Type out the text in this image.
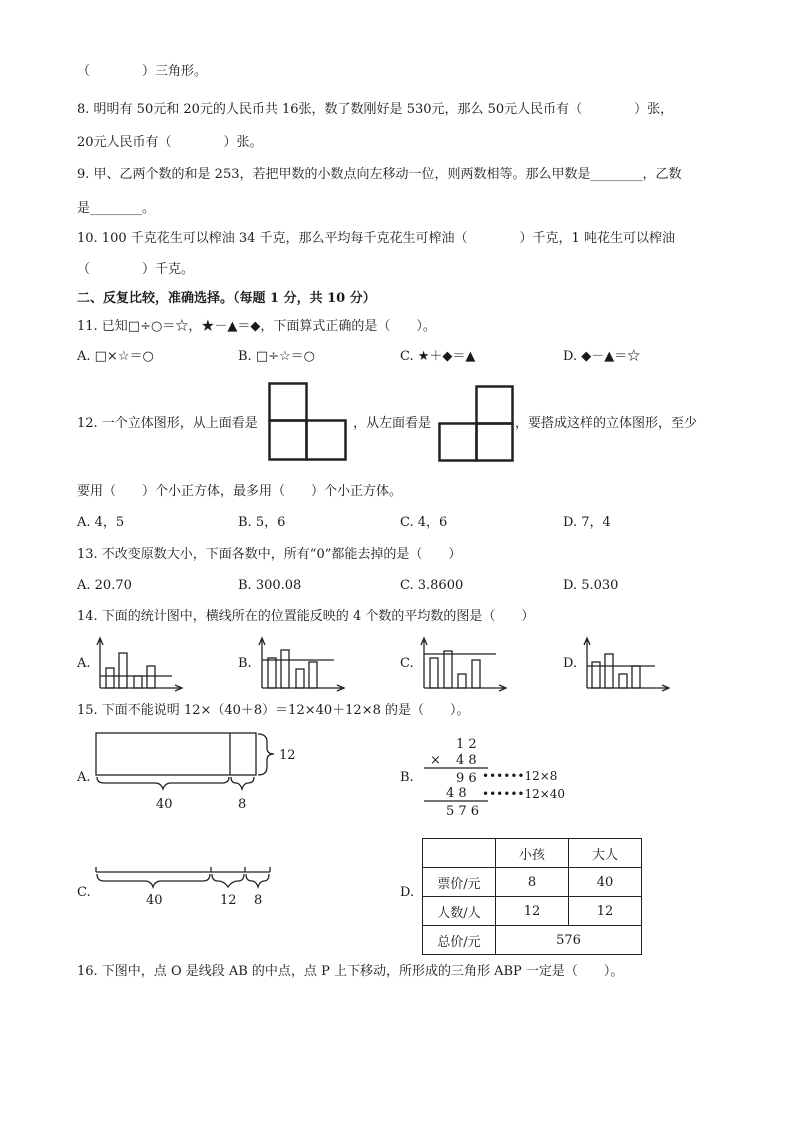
（　　　　）三角形。
8. 明明有 50元和 20元的人民币共 16张，数了数刚好是 530元，那么 50元人民币有（　　　　）张，
20元人民币有（　　　　）张。
9. 甲、乙两个数的和是 253，若把甲数的小数点向左移动一位，则两数相等。那么甲数是________，乙数
是________。
10. 100 千克花生可以榨油 34 千克，那么平均每千克花生可榨油（　　　　）千克，1 吨花生可以榨油
（　　　　）千克。
二、反复比较，准确选择。（每题 1 分，共 10 分）
11. 已知□÷○＝☆，★－▲＝◆，下面算式正确的是（　　）。
A. □×☆＝○	B. □÷☆＝○	C. ★＋◆＝▲	D. ◆－▲＝☆
12. 一个立体图形，从上面看是	，从左面看是	，要搭成这样的立体图形，至少
要用（　　）个小正方体，最多用（　　）个小正方体。
A. 4，5	B. 5，6	C. 4，6	D. 7，4
13. 不改变原数大小，下面各数中，所有“0”都能去掉的是（　　）
A. 20.70	B. 300.08	C. 3.8600	D. 5.030
14. 下面的统计图中，横线所在的位置能反映的 4 个数的平均数的图是（　　）
A.	B.	C.	D.
15. 下面不能说明 12×（40＋8）＝12×40＋12×8 的是（　　）。
A.
12
40	8
B.
1 2
× 4 8
9 6 ••••••12×8
4 8 ••••••12×40
5 7 6
C.
40	12 8
D.
	小孩	大人
票价/元	8	40
人数/人	12	12
总价/元	576	
16. 下图中，点 O 是线段 AB 的中点，点 P 上下移动，所形成的三角形 ABP 一定是（　　）。
